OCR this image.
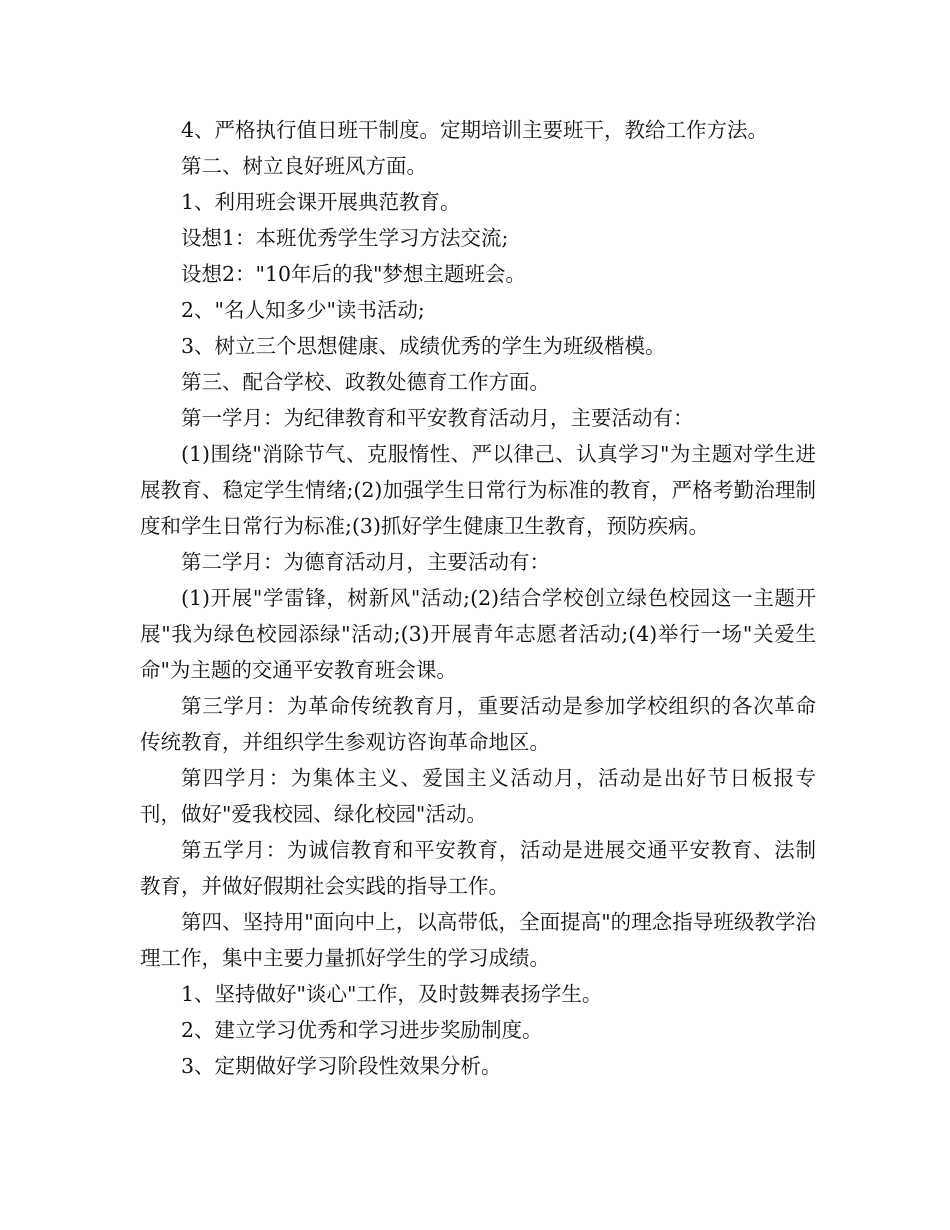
4、严格执行值日班干制度。定期培训主要班干，教给工作方法。

第二、树立良好班风方面。

1、利用班会课开展典范教育。

设想1：本班优秀学生学习方法交流;

设想2："10年后的我"梦想主题班会。

2、"名人知多少"读书活动;

3、树立三个思想健康、成绩优秀的学生为班级楷模。

第三、配合学校、政教处德育工作方面。

第一学月：为纪律教育和平安教育活动月，主要活动有：

(1)围绕"消除节气、克服惰性、严以律己、认真学习"为主题对学生进展教育、稳定学生情绪;(2)加强学生日常行为标准的教育，严格考勤治理制度和学生日常行为标准;(3)抓好学生健康卫生教育，预防疾病。

第二学月：为德育活动月，主要活动有：

(1)开展"学雷锋，树新风"活动;(2)结合学校创立绿色校园这一主题开展"我为绿色校园添绿"活动;(3)开展青年志愿者活动;(4)举行一场"关爱生命"为主题的交通平安教育班会课。

第三学月：为革命传统教育月，重要活动是参加学校组织的各次革命传统教育，并组织学生参观访咨询革命地区。

第四学月：为集体主义、爱国主义活动月，活动是出好节日板报专刊，做好"爱我校园、绿化校园"活动。

第五学月：为诚信教育和平安教育，活动是进展交通平安教育、法制教育，并做好假期社会实践的指导工作。

第四、坚持用"面向中上，以高带低，全面提高"的理念指导班级教学治理工作，集中主要力量抓好学生的学习成绩。

1、坚持做好"谈心"工作，及时鼓舞表扬学生。

2、建立学习优秀和学习进步奖励制度。

3、定期做好学习阶段性效果分析。
